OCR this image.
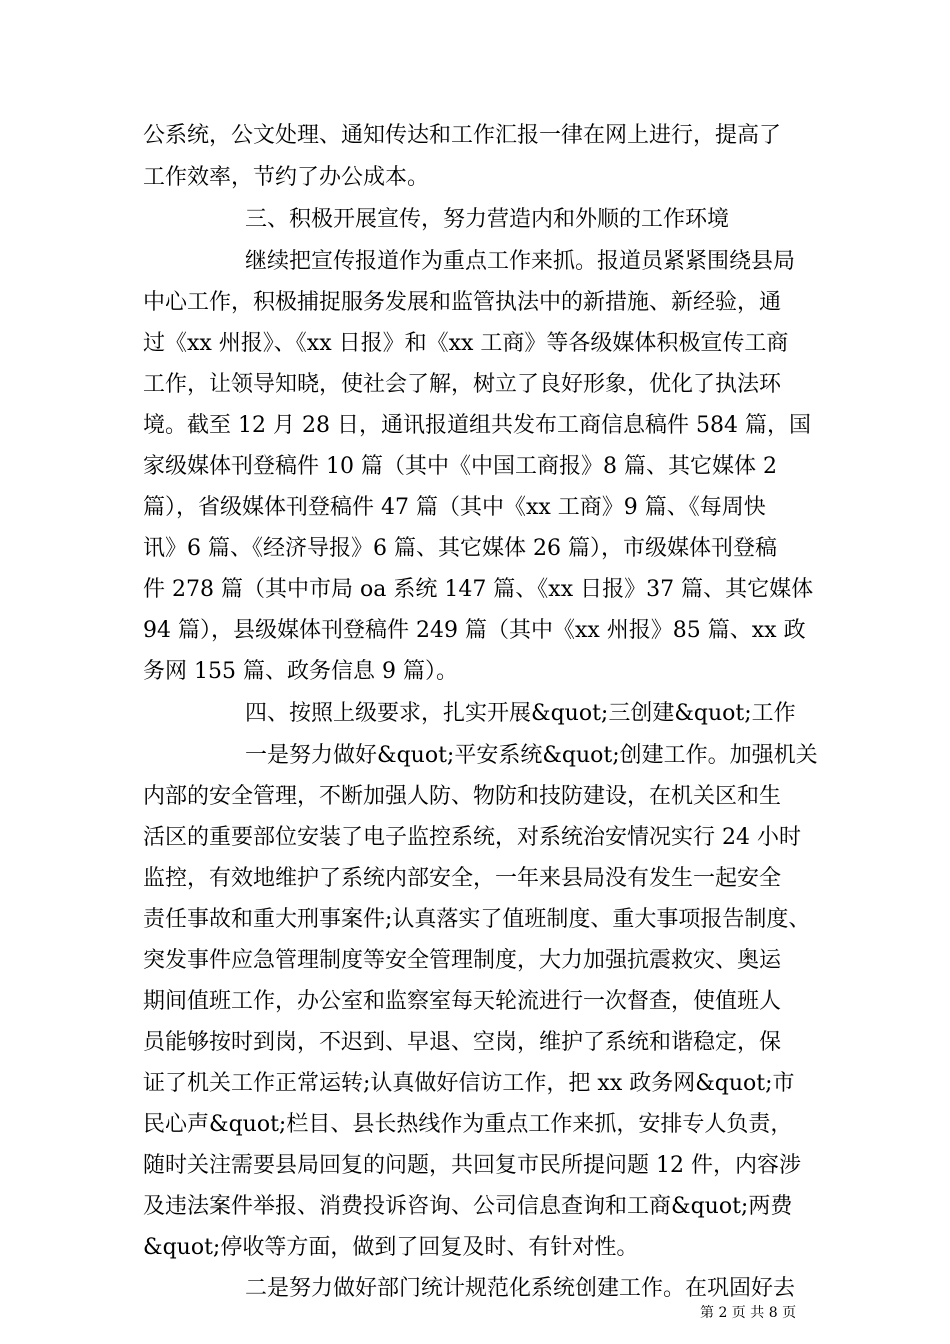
公系统，公文处理、通知传达和工作汇报一律在网上进行，提高了
工作效率，节约了办公成本。
三、积极开展宣传，努力营造内和外顺的工作环境
继续把宣传报道作为重点工作来抓。报道员紧紧围绕县局
中心工作，积极捕捉服务发展和监管执法中的新措施、新经验，通
过《xx 州报》、《xx 日报》和《xx 工商》等各级媒体积极宣传工商
工作，让领导知晓，使社会了解，树立了良好形象，优化了执法环
境。截至 12 月 28 日，通讯报道组共发布工商信息稿件 584 篇，国
家级媒体刊登稿件 10 篇（其中《中国工商报》8 篇、其它媒体 2
篇），省级媒体刊登稿件 47 篇（其中《xx 工商》9 篇、《每周快
讯》6 篇、《经济导报》6 篇、其它媒体 26 篇），市级媒体刊登稿
件 278 篇（其中市局 oa 系统 147 篇、《xx 日报》37 篇、其它媒体
94 篇），县级媒体刊登稿件 249 篇（其中《xx 州报》85 篇、xx 政
务网 155 篇、政务信息 9 篇）。
四、按照上级要求，扎实开展&quot;三创建&quot;工作
一是努力做好&quot;平安系统&quot;创建工作。加强机关
内部的安全管理，不断加强人防、物防和技防建设，在机关区和生
活区的重要部位安装了电子监控系统，对系统治安情况实行 24 小时
监控，有效地维护了系统内部安全，一年来县局没有发生一起安全
责任事故和重大刑事案件;认真落实了值班制度、重大事项报告制度、
突发事件应急管理制度等安全管理制度，大力加强抗震救灾、奥运
期间值班工作，办公室和监察室每天轮流进行一次督查，使值班人
员能够按时到岗，不迟到、早退、空岗，维护了系统和谐稳定，保
证了机关工作正常运转;认真做好信访工作，把 xx 政务网&quot;市
民心声&quot;栏目、县长热线作为重点工作来抓，安排专人负责，
随时关注需要县局回复的问题，共回复市民所提问题 12 件，内容涉
及违法案件举报、消费投诉咨询、公司信息查询和工商&quot;两费
&quot;停收等方面，做到了回复及时、有针对性。
二是努力做好部门统计规范化系统创建工作。在巩固好去
第 2 页 共 8 页
